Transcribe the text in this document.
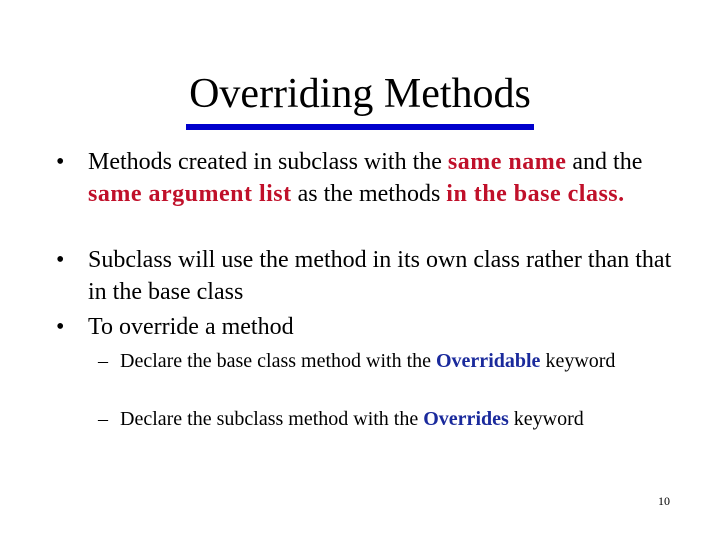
Overriding Methods
• Methods created in subclass with the same name and the same argument list as the methods in the base class.
• Subclass will use the method in its own class rather than that in the base class
• To override a method
– Declare the base class method with the Overridable keyword
– Declare the subclass method with the Overrides keyword
10
